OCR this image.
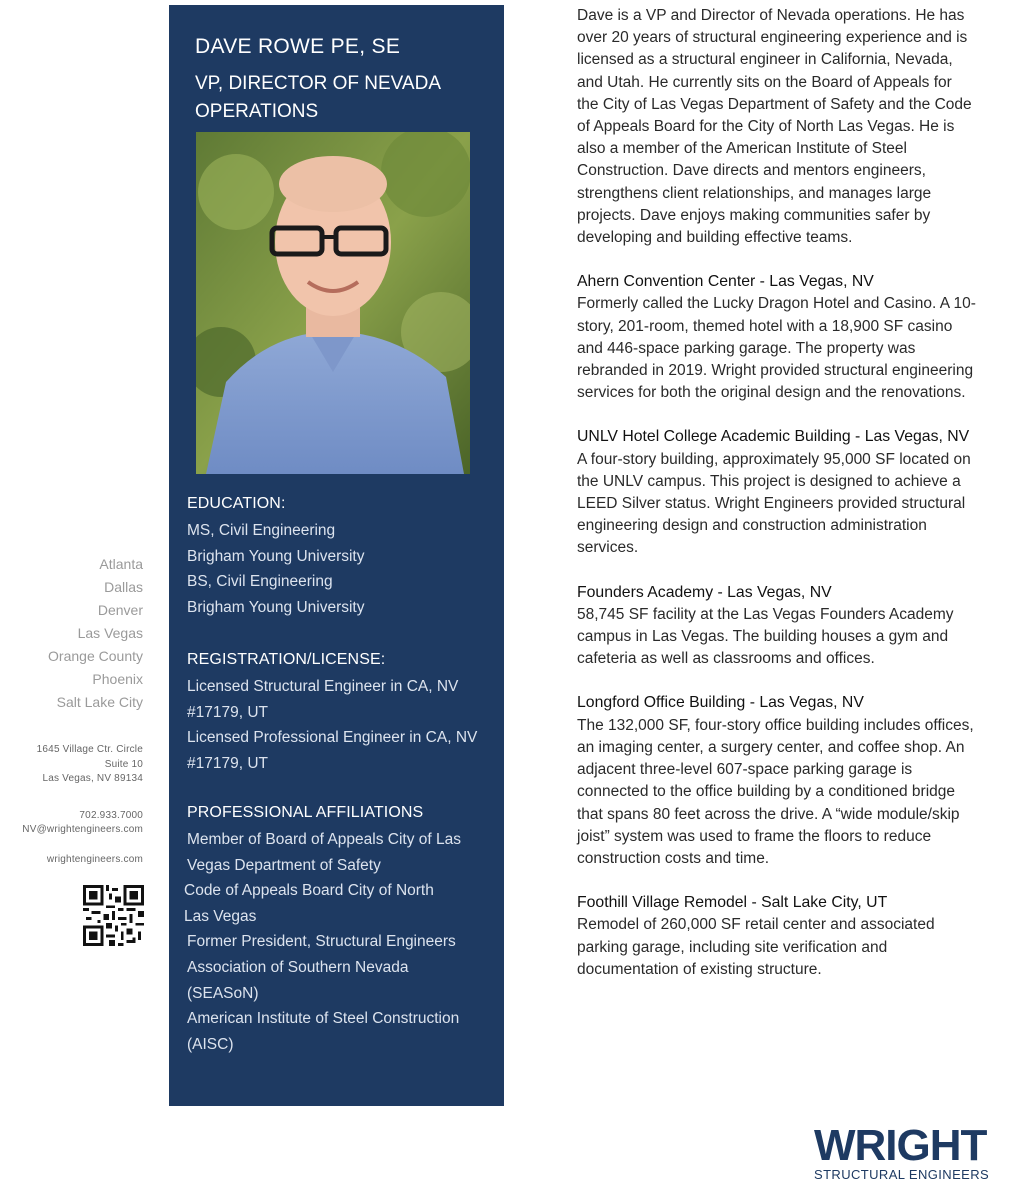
Atlanta
Dallas
Denver
Las Vegas
Orange County
Phoenix
Salt Lake City
1645 Village Ctr. Circle
Suite 10
Las Vegas, NV 89134
702.933.7000
NV@wrightengineers.com
wrightengineers.com
DAVE ROWE PE, SE
VP, DIRECTOR OF NEVADA OPERATIONS
EDUCATION:
MS, Civil Engineering
Brigham Young University
BS, Civil Engineering
Brigham Young University
REGISTRATION/LICENSE:
Licensed Structural Engineer in CA, NV
#17179, UT
Licensed Professional Engineer in CA, NV
#17179, UT
PROFESSIONAL AFFILIATIONS
Member of Board of Appeals City of Las
Vegas Department of Safety
Code of Appeals Board City of North
Las Vegas
Former President, Structural Engineers
Association of Southern Nevada
(SEASoN)
American Institute of Steel Construction
(AISC)

Dave is a VP and Director of Nevada operations. He has over 20 years of structural engineering experience and is licensed as a structural engineer in California, Nevada, and Utah. He currently sits on the Board of Appeals for the City of Las Vegas Department of Safety and the Code of Appeals Board for the City of North Las Vegas. He is also a member of the American Institute of Steel Construction. Dave directs and mentors engineers, strengthens client relationships, and manages large projects. Dave enjoys making communities safer by developing and building effective teams.

Ahern Convention Center - Las Vegas, NV
Formerly called the Lucky Dragon Hotel and Casino. A 10-story, 201-room, themed hotel with a 18,900 SF casino and 446-space parking garage. The property was rebranded in 2019. Wright provided structural engineering services for both the original design and the renovations.
UNLV Hotel College Academic Building - Las Vegas, NV
A four-story building, approximately 95,000 SF located on the UNLV campus. This project is designed to achieve a LEED Silver status. Wright Engineers provided structural engineering design and construction administration services.
Founders Academy - Las Vegas, NV
58,745 SF facility at the Las Vegas Founders Academy campus in Las Vegas. The building houses a gym and cafeteria as well as classrooms and offices.
Longford Office Building - Las Vegas, NV
The 132,000 SF, four-story office building includes offices, an imaging center, a surgery center, and coffee shop. An adjacent three-level 607-space parking garage is connected to the office building by a conditioned bridge that spans 80 feet across the drive. A “wide module/skip joist” system was used to frame the floors to reduce construction costs and time.
Foothill Village Remodel - Salt Lake City, UT
Remodel of 260,000 SF retail center and associated parking garage, including site verification and documentation of existing structure.
WRIGHT
STRUCTURAL ENGINEERS
